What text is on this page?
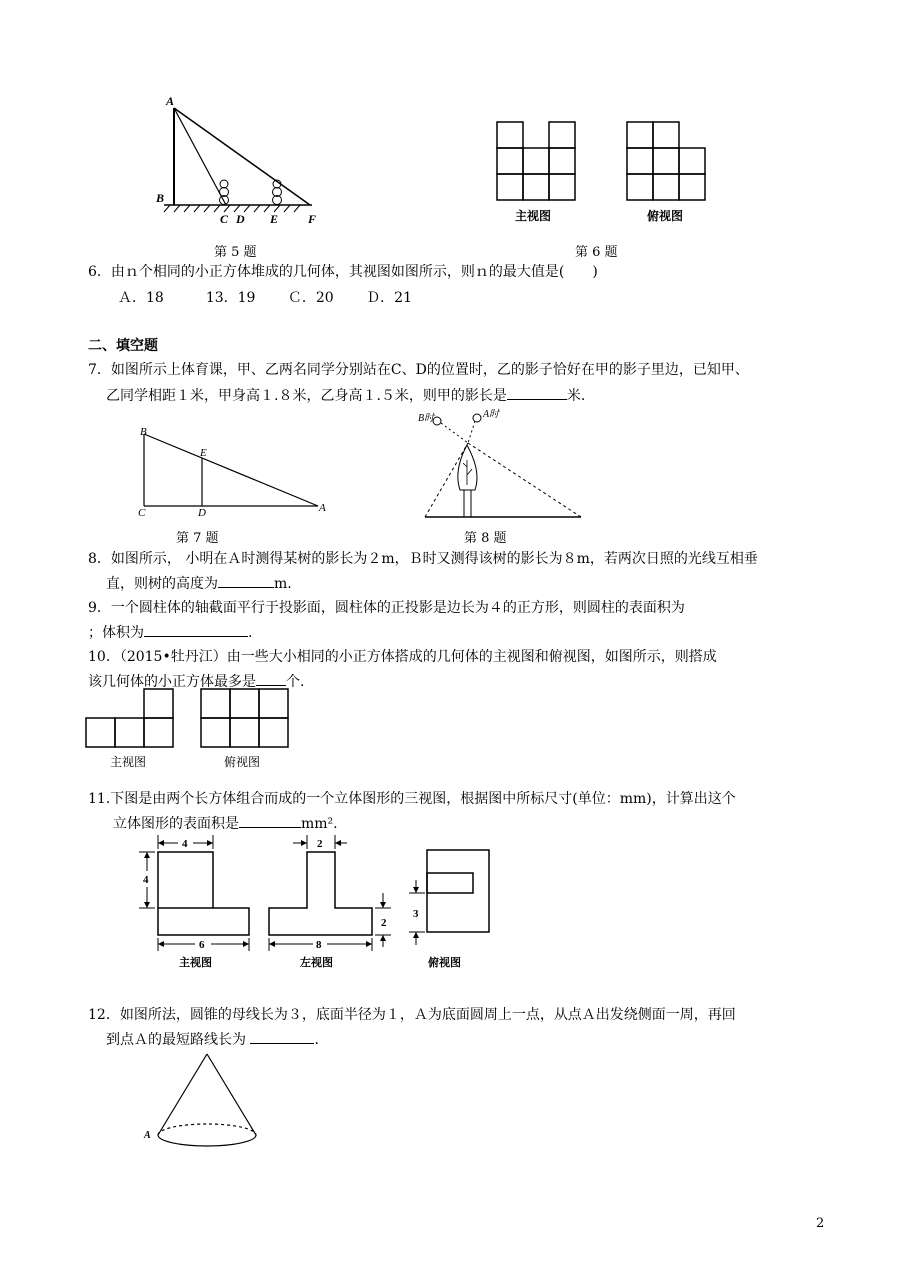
A
B
C D E F
第 5 题
主视图	俯视图
第 6 题
6．由ｎ个相同的小正方体堆成的几何体，其视图如图所示，则ｎ的最大值是(　　)
Ａ．18　　　13．19　　 Ｃ．20　　 Ｄ．21
二、填空题
7．如图所示上体育课，甲、乙两名同学分别站在C、D的位置时，乙的影子恰好在甲的影子里边，已知甲、
乙同学相距１米，甲身高１.８米，乙身高１.５米，则甲的影长是	米.
B
E
C	D	A
第 7 题
B时	A时
第 8 题
8．如图所示， 小明在Ａ时测得某树的影长为２m，Ｂ时又测得该树的影长为８m，若两次日照的光线互相垂
直，则树的高度为	m.
9．一个圆柱体的轴截面平行于投影面，圆柱体的正投影是边长为４的正方形，则圆柱的表面积为
；体积为	.
10．（2015•牡丹江）由一些大小相同的小正方体搭成的几何体的主视图和俯视图，如图所示，则搭成
该几何体的小正方体最多是 个.
主视图	俯视图
11.下图是由两个长方体组合而成的一个立体图形的三视图，根据图中所标尺寸(单位：mm)，计算出这个
立体图形的表面积是	mm².
4
4
6
2
8
2
3
主视图	左视图	俯视图
12．如图所法，圆锥的母线长为３，底面半径为１，Ａ为底面圆周上一点，从点Ａ出发绕侧面一周，再回
到点Ａ的最短路线长为	.
A
2
